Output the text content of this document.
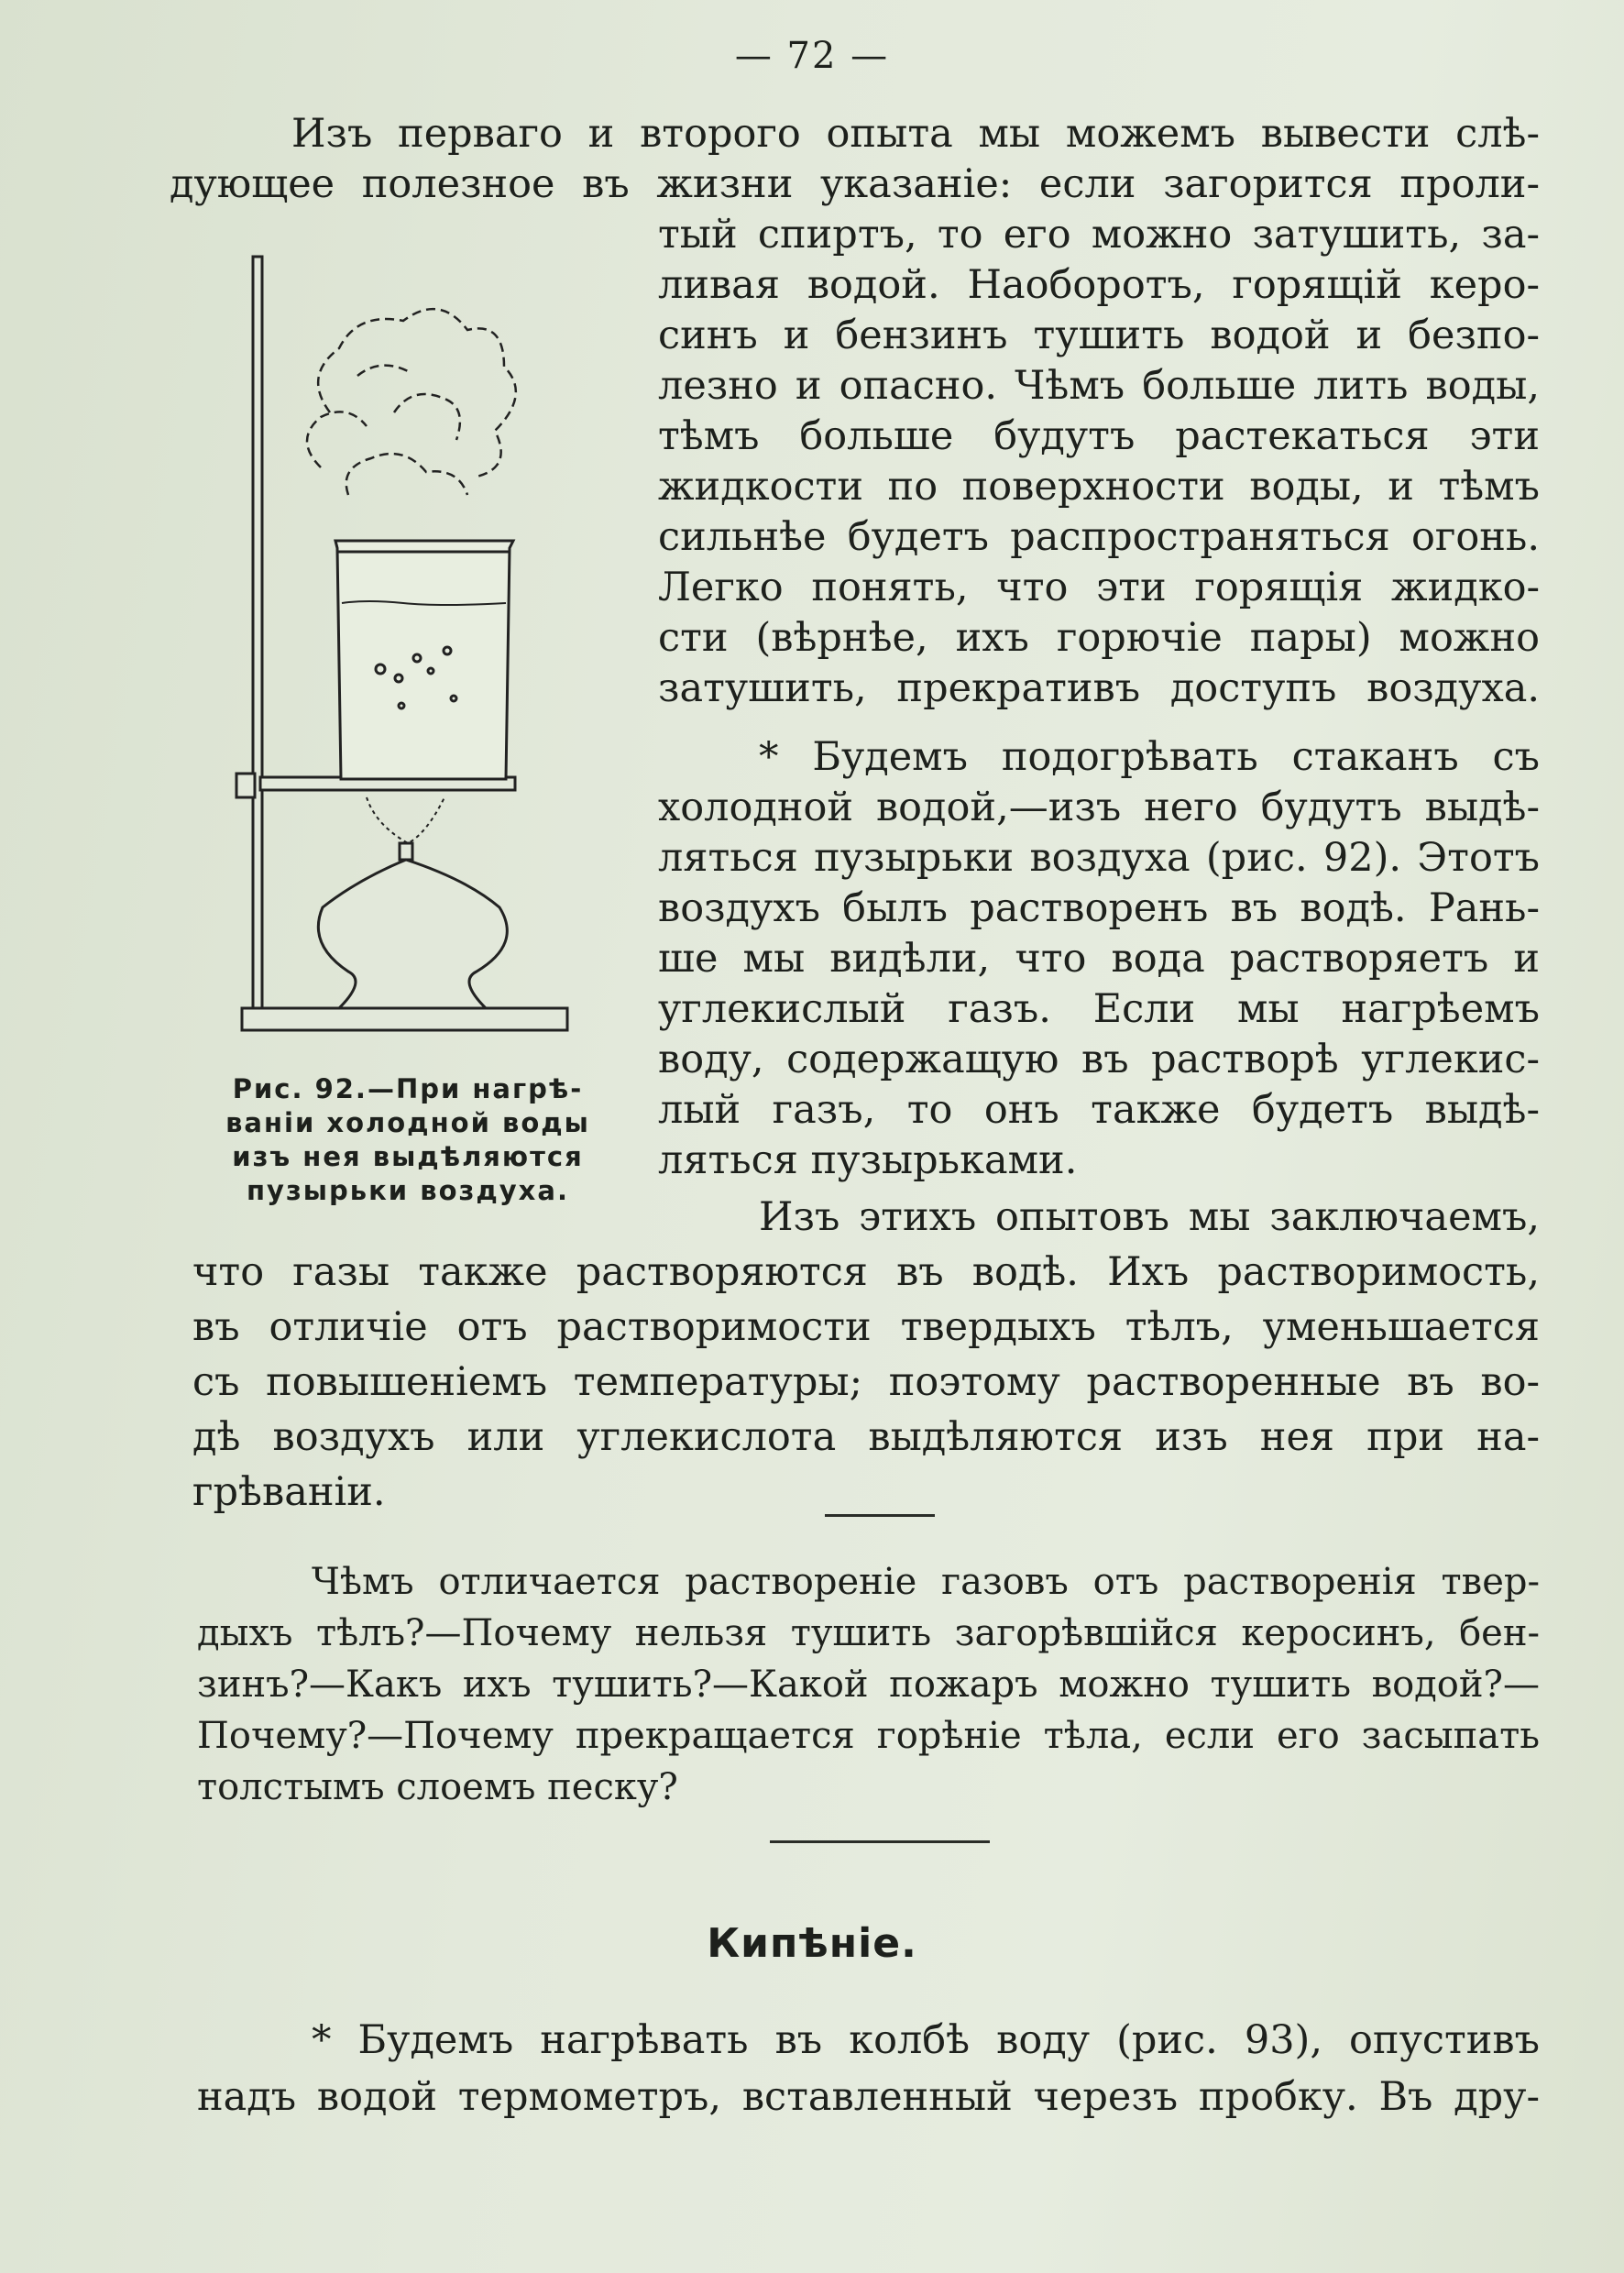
— 72 —
Изъ перваго и второго опыта мы можемъ вывести слѣ-
дующее полезное въ жизни указаніе: если загорится проли-
тый спиртъ, то его можно затушить, за-
ливая водой. Наоборотъ, горящій керо-
синъ и бензинъ тушить водой и безпо-
лезно и опасно. Чѣмъ больше лить воды,
тѣмъ больше будутъ растекаться эти
жидкости по поверхности воды, и тѣмъ
сильнѣе будетъ распространяться огонь.
Легко понять, что эти горящія жидко-
сти (вѣрнѣе, ихъ горючіе пары) можно
затушить, прекративъ доступъ воздуха.
* Будемъ подогрѣвать стаканъ съ
холодной водой,—изъ него будутъ выдѣ-
ляться пузырьки воздуха (рис. 92). Этотъ
воздухъ былъ растворенъ въ водѣ. Рань-
ше мы видѣли, что вода растворяетъ и
углекислый газъ. Если мы нагрѣемъ
воду, содержащую въ растворѣ углекис-
лый газъ, то онъ также будетъ выдѣ-
ляться пузырьками.
Изъ этихъ опытовъ мы заключаемъ,
что газы также растворяются въ водѣ. Ихъ растворимость,
въ отличіе отъ растворимости твердыхъ тѣлъ, уменьшается
съ повышеніемъ температуры; поэтому растворенные въ во-
дѣ воздухъ или углекислота выдѣляются изъ нея при на-
грѣваніи.
Чѣмъ отличается раствореніе газовъ отъ растворенія твер-
дыхъ тѣлъ?—Почему нельзя тушить загорѣвшійся керосинъ, бен-
зинъ?—Какъ ихъ тушить?—Какой пожаръ можно тушить водой?—
Почему?—Почему прекращается горѣніе тѣла, если его засыпать
толстымъ слоемъ песку?
Кипѣніе.
* Будемъ нагрѣвать въ колбѣ воду (рис. 93), опустивъ
надъ водой термометръ, вставленный черезъ пробку. Въ дру-
Рис. 92.—При нагрѣ-
ваніи холодной воды
изъ нея выдѣляются
пузырьки воздуха.
